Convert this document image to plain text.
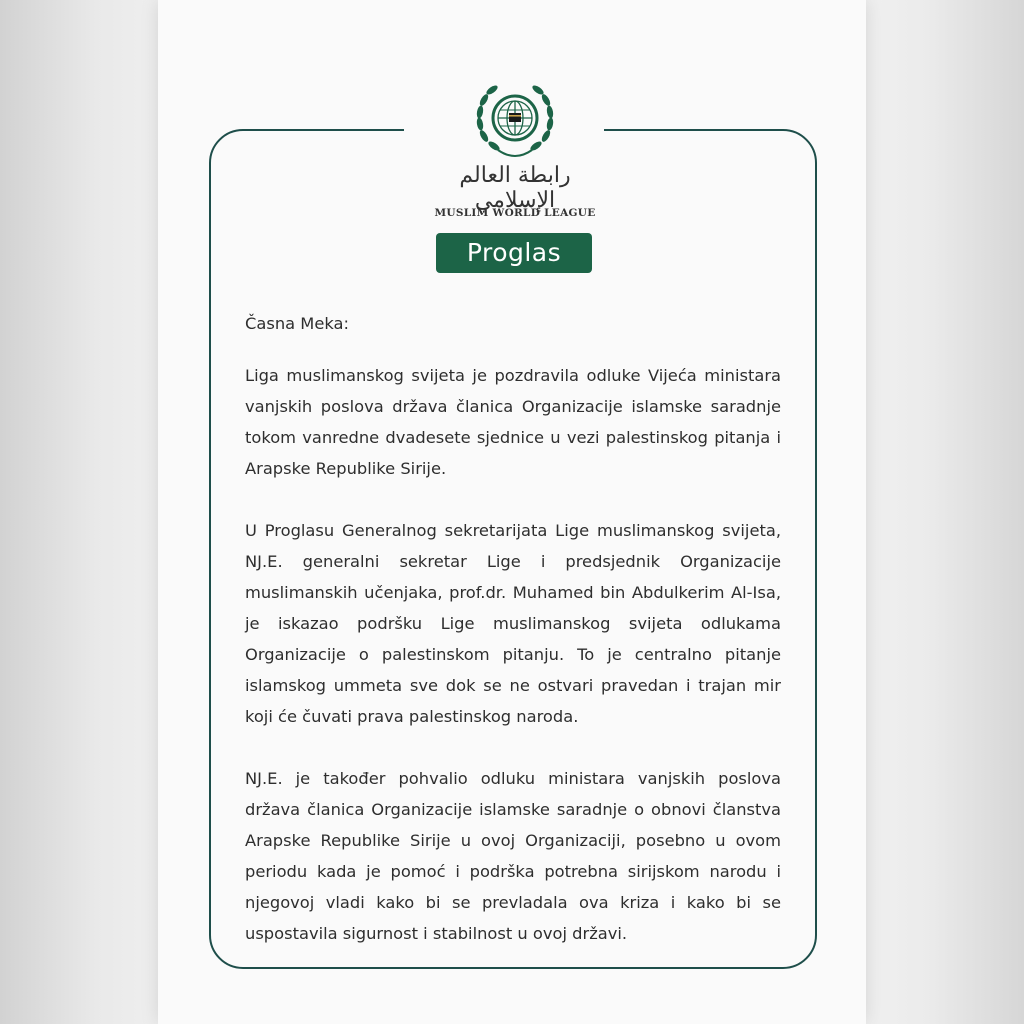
رابطة العالم الإسلامي
MUSLIM WORLD LEAGUE
Proglas

Časna Meka:

Liga muslimanskog svijeta je pozdravila odluke Vijeća ministara vanjskih poslova država članica Organizacije islamske saradnje tokom vanredne dvadesete sjednice u vezi palestinskog pitanja i Arapske Republike Sirije.

U Proglasu Generalnog sekretarijata Lige muslimanskog svijeta, NJ.E. generalni sekretar Lige i predsjednik Organizacije muslimanskih učenjaka, prof.dr. Muhamed bin Abdulkerim Al-Isa, je iskazao podršku Lige muslimanskog svijeta odlukama Organizacije o palestinskom pitanju. To je centralno pitanje islamskog ummeta sve dok se ne ostvari pravedan i trajan mir koji će čuvati prava palestinskog naroda.

NJ.E. je također pohvalio odluku ministara vanjskih poslova država članica Organizacije islamske saradnje o obnovi članstva Arapske Republike Sirije u ovoj Organizaciji, posebno u ovom periodu kada je pomoć i podrška potrebna sirijskom narodu i njegovoj vladi kako bi se prevladala ova kriza i kako bi se uspostavila sigurnost i stabilnost u ovoj državi.
